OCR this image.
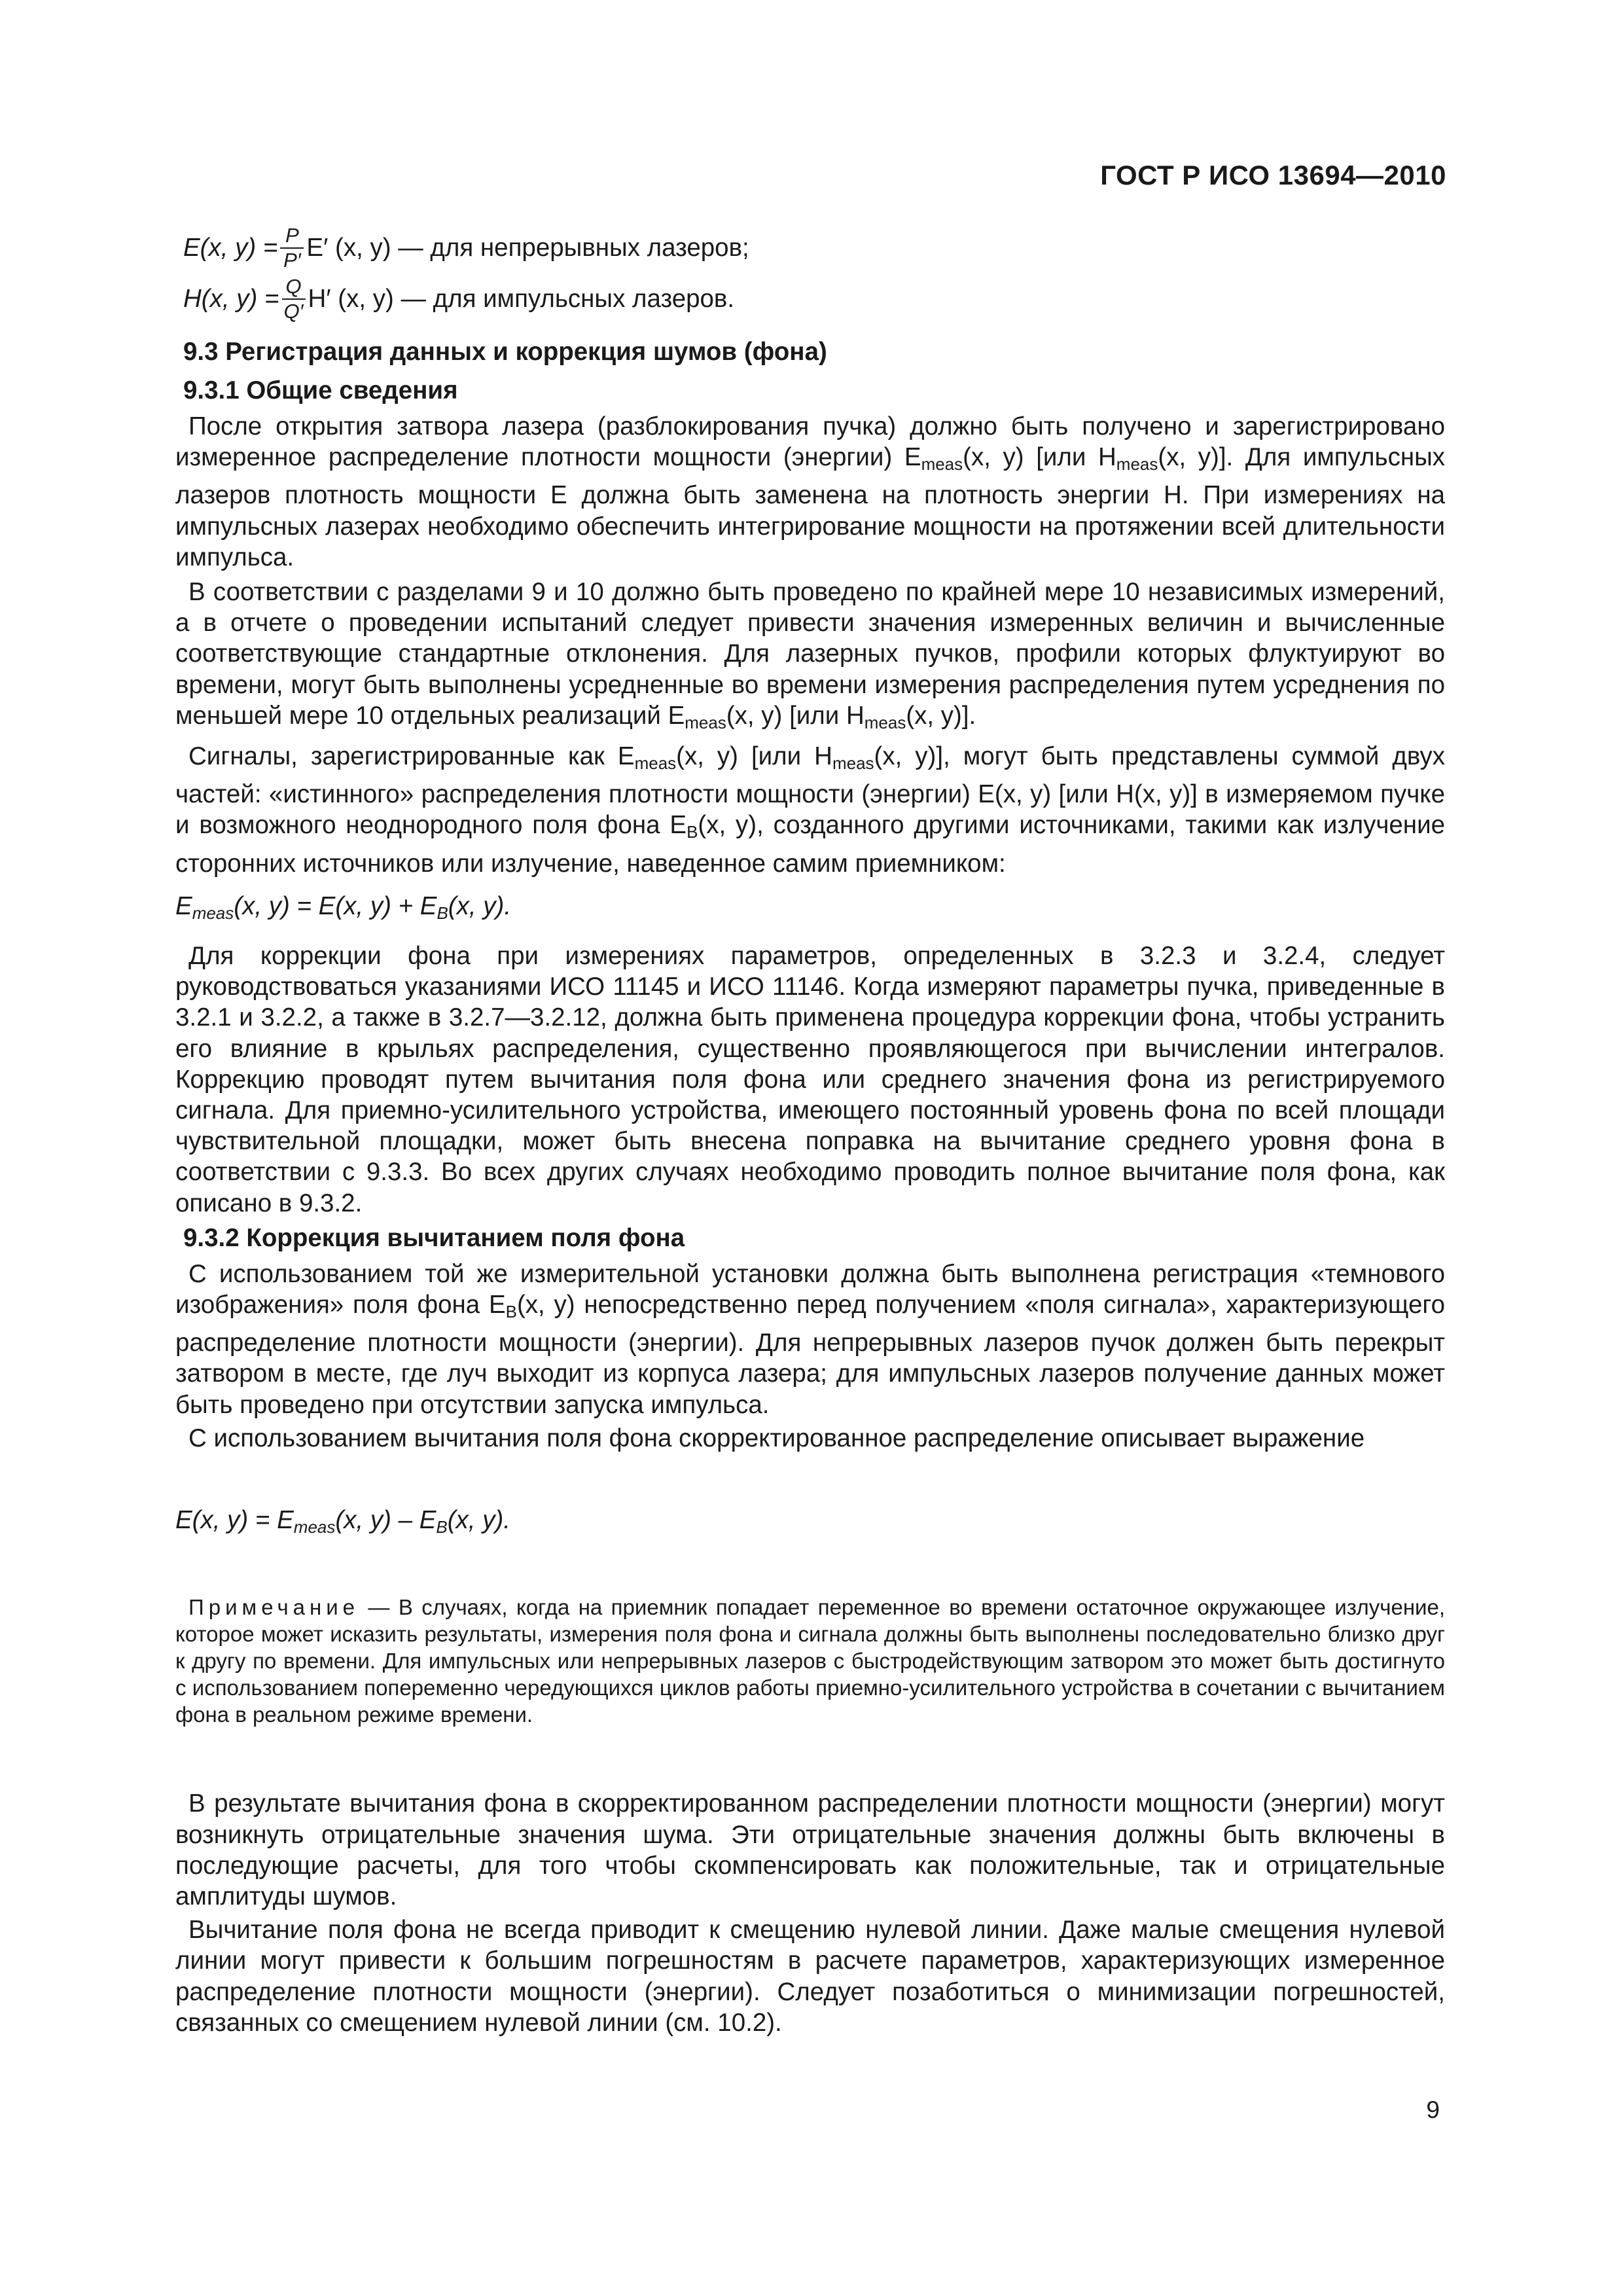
ГОСТ Р ИСО 13694—2010
E(x, $y) = \frac{P}{P'} E'$ (x, y) — для непрерывных лазеров;
H(x, $y) = \frac{Q}{Q'} H'$ (x, y) — для импульсных лазеров.
9.3 Регистрация данных и коррекция шумов (фона)
9.3.1 Общие сведения

После открытия затвора лазера (разблокирования пучка) должно быть получено и зарегистрировано измеренное распределение плотности мощности (энергии) $E_{meas}(x$, y) [или $H_{meas}(x$, y)]. Для импульсных лазеров плотность мощности E должна быть заменена на плотность энергии H. При измерениях на импульсных лазерах необходимо обеспечить интегрирование мощности на протяжении всей длительности импульса.

В соответствии с разделами 9 и 10 должно быть проведено по крайней мере 10 независимых измерений, а в отчете о проведении испытаний следует привести значения измеренных величин и вычисленные соответствующие стандартные отклонения. Для лазерных пучков, профили которых флуктуируют во времени, могут быть выполнены усредненные во времени измерения распределения путем усреднения по меньшей мере 10 отдельных реализаций $E_{meas}(x$, y) [или $H_{meas}(x$, y)].

Сигналы, зарегистрированные как $E_{meas}(x$, y) [или $H_{meas}(x$, y)], могут быть представлены суммой двух частей: «истинного» распределения плотности мощности (энергии) E(x, y) [или H(x, y)] в измеряемом пучке и возможного неоднородного поля фона $E_B(x$, y), созданного другими источниками, такими как излучение сторонних источников или излучение, наведенное самим приемником:

$E_{meas}(x$, y) = E(x, $y) + E_B(x$, y).

Для коррекции фона при измерениях параметров, определенных в 3.2.3 и 3.2.4, следует руководствоваться указаниями ИСО 11145 и ИСО 11146. Когда измеряют параметры пучка, приведенные в 3.2.1 и 3.2.2, а также в 3.2.7—3.2.12, должна быть применена процедура коррекции фона, чтобы устранить его влияние в крыльях распределения, существенно проявляющегося при вычислении интегралов. Коррекцию проводят путем вычитания поля фона или среднего значения фона из регистрируемого сигнала. Для приемно-усилительного устройства, имеющего постоянный уровень фона по всей площади чувствительной площадки, может быть внесена поправка на вычитание среднего уровня фона в соответствии с 9.3.3. Во всех других случаях необходимо проводить полное вычитание поля фона, как описано в 9.3.2.

9.3.2 Коррекция вычитанием поля фона

С использованием той же измерительной установки должна быть выполнена регистрация «темнового изображения» поля фона $E_B(x$, y) непосредственно перед получением «поля сигнала», характеризующего распределение плотности мощности (энергии). Для непрерывных лазеров пучок должен быть перекрыт затвором в месте, где луч выходит из корпуса лазера; для импульсных лазеров получение данных может быть проведено при отсутствии запуска импульса.

С использованием вычитания поля фона скорректированное распределение описывает выражение

E(x, $y) = E_{meas}(x$, $y) - E_B(x$, y).

Примечание — В случаях, когда на приемник попадает переменное во времени остаточное окружающее излучение, которое может исказить результаты, измерения поля фона и сигнала должны быть выполнены последовательно близко друг к другу по времени. Для импульсных или непрерывных лазеров с быстродействующим затвором это может быть достигнуто с использованием попеременно чередующихся циклов работы приемно-усилительного устройства в сочетании с вычитанием фона в реальном режиме времени.

В результате вычитания фона в скорректированном распределении плотности мощности (энергии) могут возникнуть отрицательные значения шума. Эти отрицательные значения должны быть включены в последующие расчеты, для того чтобы скомпенсировать как положительные, так и отрицательные амплитуды шумов.

Вычитание поля фона не всегда приводит к смещению нулевой линии. Даже малые смещения нулевой линии могут привести к большим погрешностям в расчете параметров, характеризующих измеренное распределение плотности мощности (энергии). Следует позаботиться о минимизации погрешностей, связанных со смещением нулевой линии (см. 10.2).

9
